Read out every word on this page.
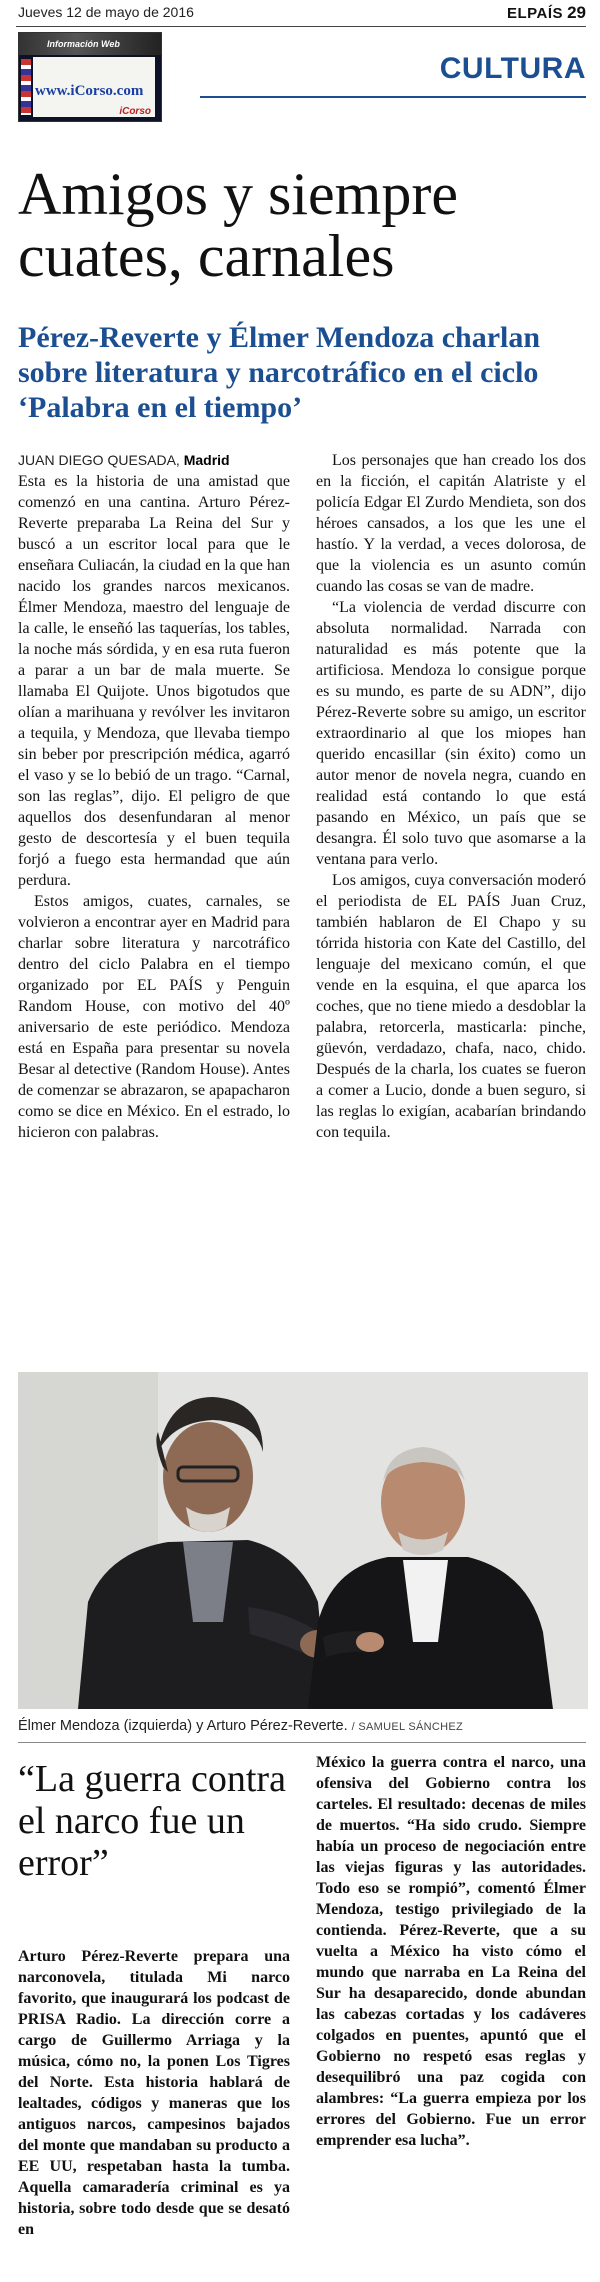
Jueves 12 de mayo de 2016	ELPAÍS 29
CULTURA
Información Web
www.iCorso.com
iCorso
Amigos y siempre cuates, carnales
Pérez-Reverte y Élmer Mendoza charlan sobre literatura y narcotráfico en el ciclo ‘Palabra en el tiempo’
JUAN DIEGO QUESADA, Madrid

Esta es la historia de una amistad que comenzó en una cantina. Arturo Pérez-Reverte preparaba La Reina del Sur y buscó a un escritor local para que le enseñara Culiacán, la ciudad en la que han nacido los grandes narcos mexicanos. Élmer Mendoza, maestro del lenguaje de la calle, le enseñó las taquerías, los tables, la noche más sórdida, y en esa ruta fueron a parar a un bar de mala muerte. Se llamaba El Quijote. Unos bigotudos que olían a marihuana y revólver les invitaron a tequila, y Mendoza, que llevaba tiempo sin beber por prescripción médica, agarró el vaso y se lo bebió de un trago. “Carnal, son las reglas”, dijo. El peligro de que aquellos dos desenfundaran al menor gesto de descortesía y el buen tequila forjó a fuego esta hermandad que aún perdura.

Estos amigos, cuates, carnales, se volvieron a encontrar ayer en Madrid para charlar sobre literatura y narcotráfico dentro del ciclo Palabra en el tiempo organizado por EL PAÍS y Penguin Random House, con motivo del 40º aniversario de este periódico. Mendoza está en España para presentar su novela Besar al detective (Random House). Antes de comenzar se abrazaron, se apapacharon como se dice en México. En el estrado, lo hicieron con palabras.

Los personajes que han creado los dos en la ficción, el capitán Alatriste y el policía Edgar El Zurdo Mendieta, son dos héroes cansados, a los que les une el hastío. Y la verdad, a veces dolorosa, de que la violencia es un asunto común cuando las cosas se van de madre.

“La violencia de verdad discurre con absoluta normalidad. Narrada con naturalidad es más potente que la artificiosa. Mendoza lo consigue porque es su mundo, es parte de su ADN”, dijo Pérez-Reverte sobre su amigo, un escritor extraordinario al que los miopes han querido encasillar (sin éxito) como un autor menor de novela negra, cuando en realidad está contando lo que está pasando en México, un país que se desangra. Él solo tuvo que asomarse a la ventana para verlo.

Los amigos, cuya conversación moderó el periodista de EL PAÍS Juan Cruz, también hablaron de El Chapo y su tórrida historia con Kate del Castillo, del lenguaje del mexicano común, el que vende en la esquina, el que aparca los coches, que no tiene miedo a desdoblar la palabra, retorcerla, masticarla: pinche, güevón, verdadazo, chafa, naco, chido. Después de la charla, los cuates se fueron a comer a Lucio, donde a buen seguro, si las reglas lo exigían, acabarían brindando con tequila.

Élmer Mendoza (izquierda) y Arturo Pérez-Reverte. / SAMUEL SÁNCHEZ
“La guerra contra el narco fue un error”

Arturo Pérez-Reverte prepara una narconovela, titulada Mi narco favorito, que inaugurará los podcast de PRISA Radio. La dirección corre a cargo de Guillermo Arriaga y la música, cómo no, la ponen Los Tigres del Norte. Esta historia hablará de lealtades, códigos y maneras que los antiguos narcos, campesinos bajados del monte que mandaban su producto a EE UU, respetaban hasta la tumba. Aquella camaradería criminal es ya historia, sobre todo desde que se desató en

México la guerra contra el narco, una ofensiva del Gobierno contra los carteles. El resultado: decenas de miles de muertos. “Ha sido crudo. Siempre había un proceso de negociación entre las viejas figuras y las autoridades. Todo eso se rompió”, comentó Élmer Mendoza, testigo privilegiado de la contienda. Pérez-Reverte, que a su vuelta a México ha visto cómo el mundo que narraba en La Reina del Sur ha desaparecido, donde abundan las cabezas cortadas y los cadáveres colgados en puentes, apuntó que el Gobierno no respetó esas reglas y desequilibró una paz cogida con alambres: “La guerra empieza por los errores del Gobierno. Fue un error emprender esa lucha”.
